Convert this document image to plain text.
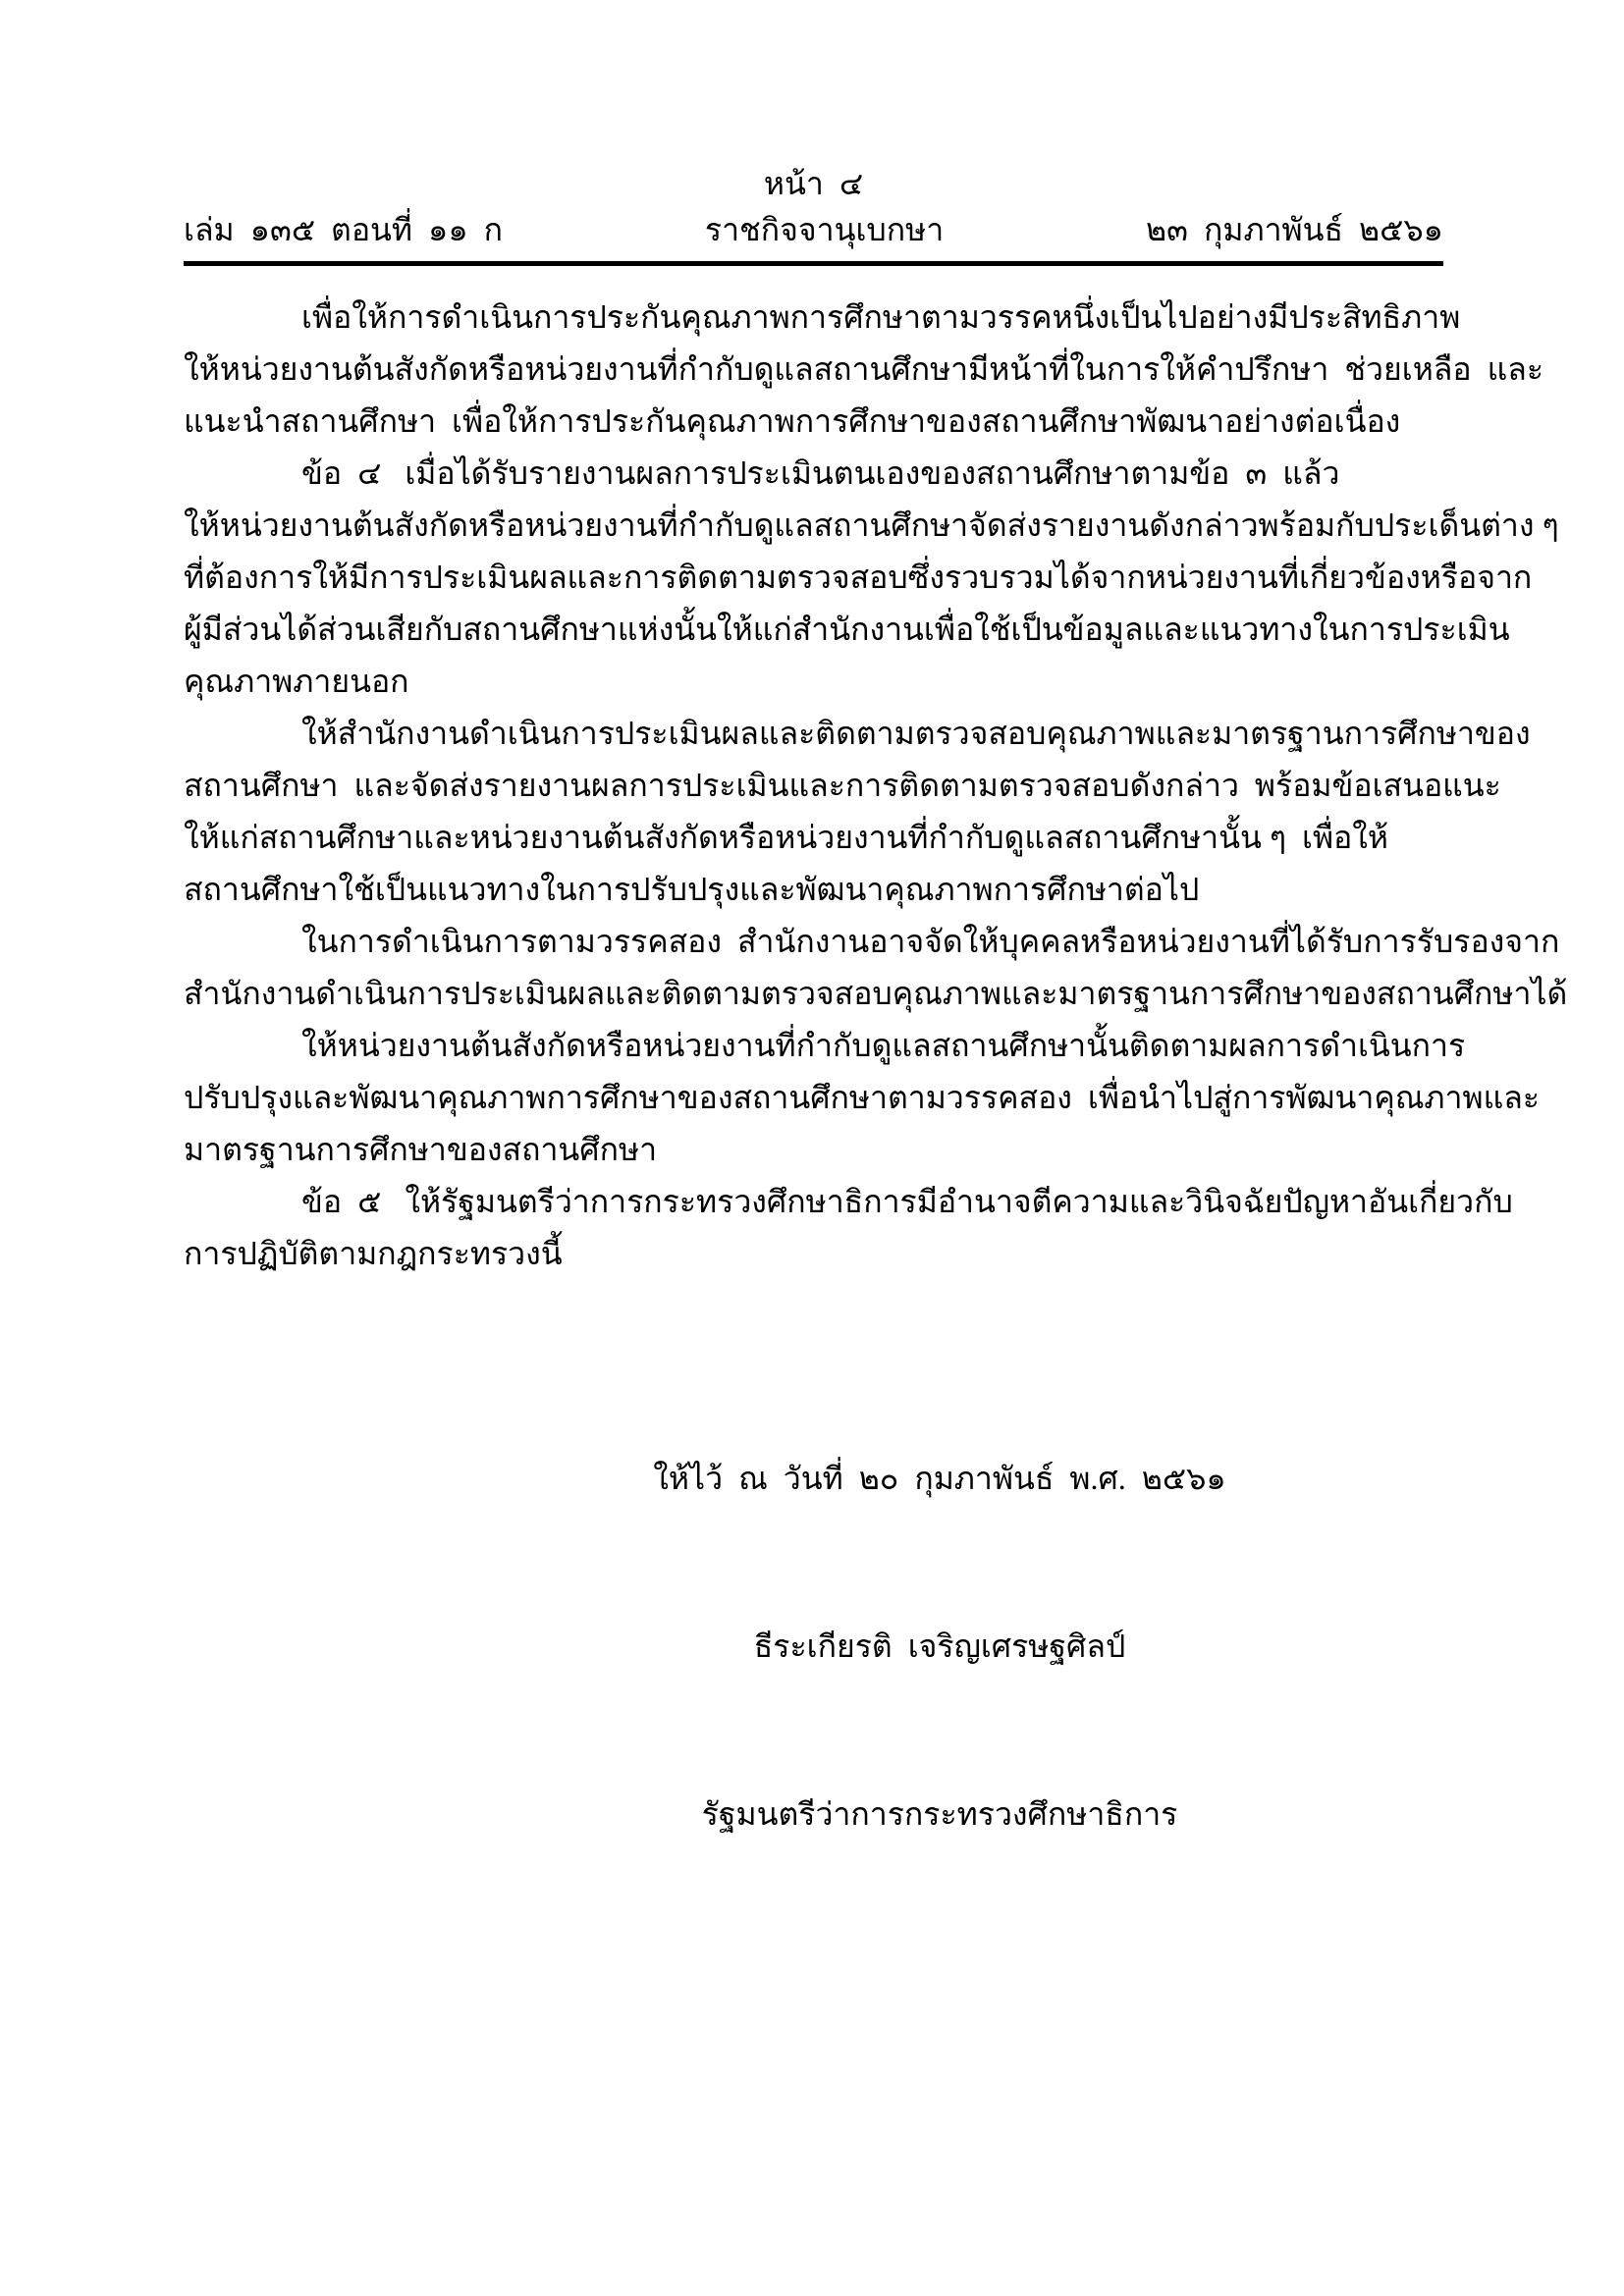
หน้า  ๔
เล่ม  ๑๓๕  ตอนที่  ๑๑  ก	ราชกิจจานุเบกษา	๒๓  กุมภาพันธ์  ๒๕๖๑
เพื่อให้การดำเนินการประกันคุณภาพการศึกษาตามวรรคหนึ่งเป็นไปอย่างมีประสิทธิภาพ
ให้หน่วยงานต้นสังกัดหรือหน่วยงานที่กำกับดูแลสถานศึกษามีหน้าที่ในการให้คำปรึกษา  ช่วยเหลือ  และ
แนะนำสถานศึกษา  เพื่อให้การประกันคุณภาพการศึกษาของสถานศึกษาพัฒนาอย่างต่อเนื่อง
ข้อ  ๔   เมื่อได้รับรายงานผลการประเมินตนเองของสถานศึกษาตามข้อ  ๓  แล้ว
ให้หน่วยงานต้นสังกัดหรือหน่วยงานที่กำกับดูแลสถานศึกษาจัดส่งรายงานดังกล่าวพร้อมกับประเด็นต่าง ๆ
ที่ต้องการให้มีการประเมินผลและการติดตามตรวจสอบซึ่งรวบรวมได้จากหน่วยงานที่เกี่ยวข้องหรือจาก
ผู้มีส่วนได้ส่วนเสียกับสถานศึกษาแห่งนั้นให้แก่สำนักงานเพื่อใช้เป็นข้อมูลและแนวทางในการประเมิน
คุณภาพภายนอก
ให้สำนักงานดำเนินการประเมินผลและติดตามตรวจสอบคุณภาพและมาตรฐานการศึกษาของ
สถานศึกษา  และจัดส่งรายงานผลการประเมินและการติดตามตรวจสอบดังกล่าว  พร้อมข้อเสนอแนะ
ให้แก่สถานศึกษาและหน่วยงานต้นสังกัดหรือหน่วยงานที่กำกับดูแลสถานศึกษานั้น ๆ  เพื่อให้
สถานศึกษาใช้เป็นแนวทางในการปรับปรุงและพัฒนาคุณภาพการศึกษาต่อไป
ในการดำเนินการตามวรรคสอง  สำนักงานอาจจัดให้บุคคลหรือหน่วยงานที่ได้รับการรับรองจาก
สำนักงานดำเนินการประเมินผลและติดตามตรวจสอบคุณภาพและมาตรฐานการศึกษาของสถานศึกษาได้
ให้หน่วยงานต้นสังกัดหรือหน่วยงานที่กำกับดูแลสถานศึกษานั้นติดตามผลการดำเนินการ
ปรับปรุงและพัฒนาคุณภาพการศึกษาของสถานศึกษาตามวรรคสอง  เพื่อนำไปสู่การพัฒนาคุณภาพและ
มาตรฐานการศึกษาของสถานศึกษา
ข้อ  ๕   ให้รัฐมนตรีว่าการกระทรวงศึกษาธิการมีอำนาจตีความและวินิจฉัยปัญหาอันเกี่ยวกับ
การปฏิบัติตามกฎกระทรวงนี้

ให้ไว้  ณ  วันที่  ๒๐  กุมภาพันธ์  พ.ศ.  ๒๕๖๑

ธีระเกียรติ  เจริญเศรษฐศิลป์

รัฐมนตรีว่าการกระทรวงศึกษาธิการ
